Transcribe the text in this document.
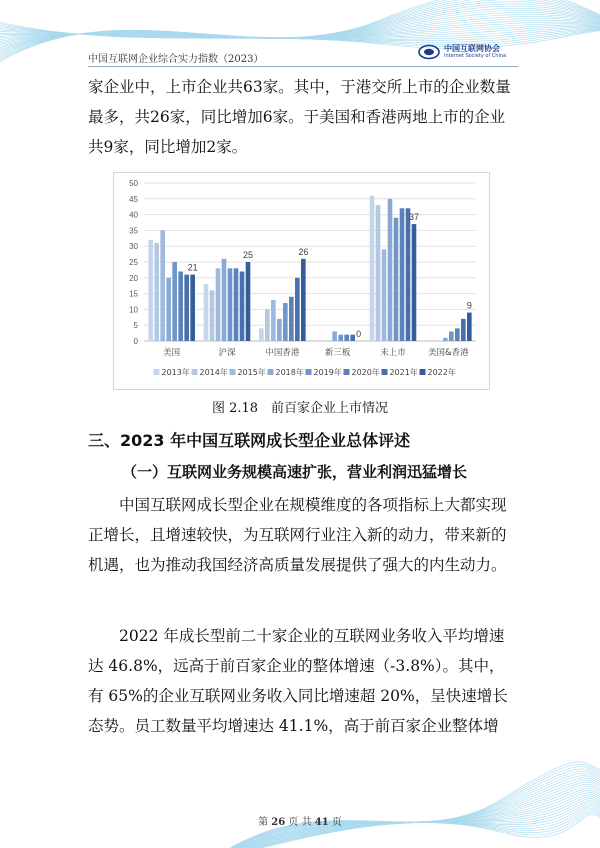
中国互联网企业综合实力指数（2023）
中国互联网协会
Internet Society of China

家企业中，上市企业共63家。其中，于港交所上市的企业数量最多，共26家，同比增加6家。于美国和香港两地上市的企业共9家，同比增加2家。

0
5
10
15
20
25
30
35
40
45
50
美国
21
沪深
25
中国香港
26
新三板
0
未上市
37
美国&香港
9
2013年 2014年 2015年 2018年 2019年 2020年 2021年 2022年
图 2.18　前百家企业上市情况
三、2023 年中国互联网成长型企业总体评述
（一）互联网业务规模高速扩张，营业利润迅猛增长

中国互联网成长型企业在规模维度的各项指标上大都实现正增长，且增速较快，为互联网行业注入新的动力，带来新的机遇，也为推动我国经济高质量发展提供了强大的内生动力。

2022 年成长型前二十家企业的互联网业务收入平均增速达 46.8%，远高于前百家企业的整体增速（-3.8%）。其中，有 65%的企业互联网业务收入同比增速超 20%，呈快速增长态势。员工数量平均增速达 41.1%，高于前百家企业整体增

第 26 页 共 41 页
